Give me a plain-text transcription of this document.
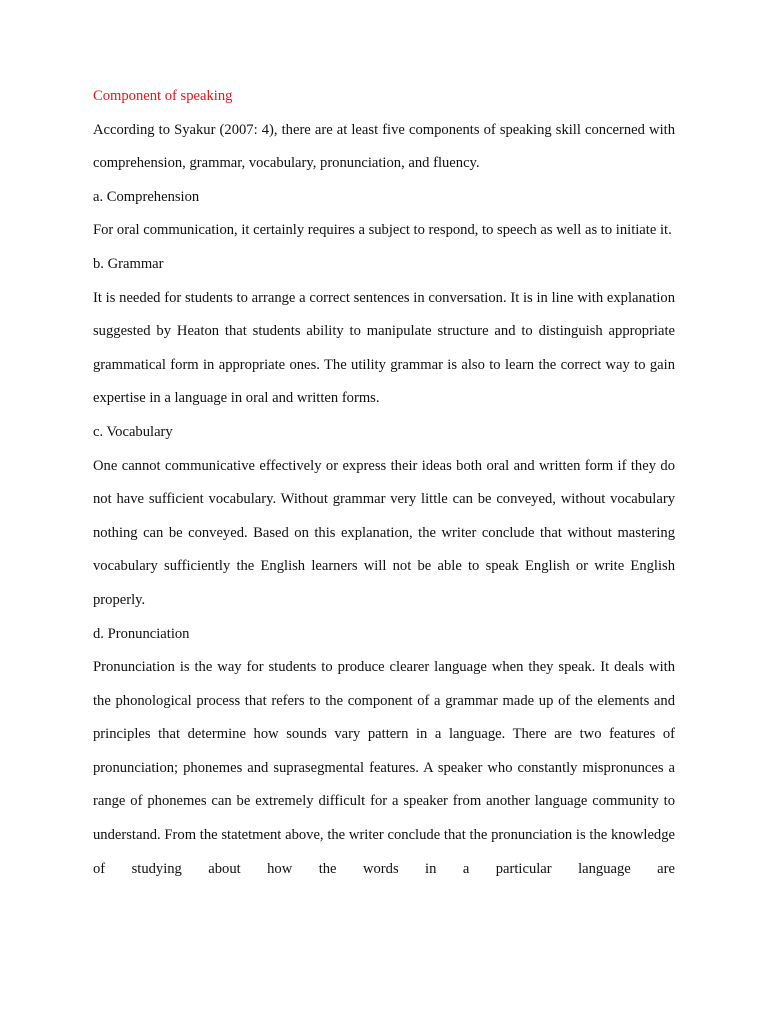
Component of speaking

According to Syakur (2007: 4), there are at least five components of speaking skill concerned with comprehension, grammar, vocabulary, pronunciation, and fluency.

a. Comprehension

For oral communication, it certainly requires a subject to respond, to speech as well as to initiate it.

b. Grammar

It is needed for students to arrange a correct sentences in conversation. It is in line with explanation suggested by Heaton that students ability to manipulate structure and to distinguish appropriate grammatical form in appropriate ones. The utility grammar is also to learn the correct way to gain expertise in a language in oral and written forms.

c. Vocabulary

One cannot communicative effectively or express their ideas both oral and written form if they do not have sufficient vocabulary. Without grammar very little can be conveyed, without vocabulary nothing can be conveyed. Based on this explanation, the writer conclude that without mastering vocabulary sufficiently the English learners will not be able to speak English or write English properly.

d. Pronunciation

Pronunciation is the way for students to produce clearer language when they speak. It deals with the phonological process that refers to the component of a grammar made up of the elements and principles that determine how sounds vary pattern in a language. There are two features of pronunciation; phonemes and suprasegmental features. A speaker who constantly mispronunces a range of phonemes can be extremely difficult for a speaker from another language community to understand. From the statetment above, the writer conclude that the pronunciation is the knowledge of studying about how the words in a particular language are
